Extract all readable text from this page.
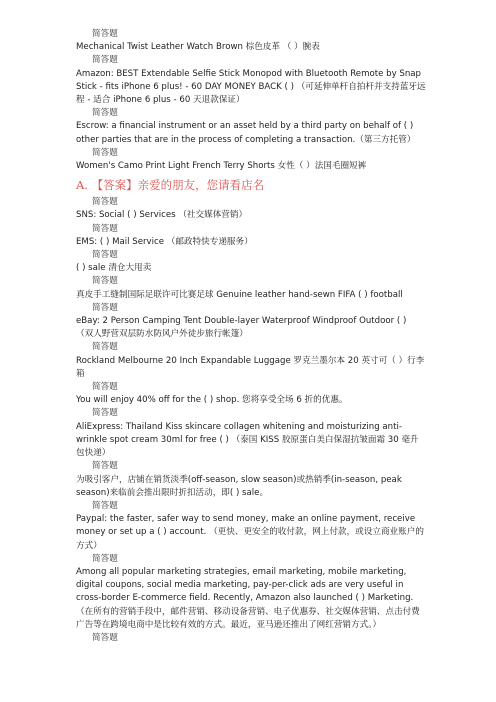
简答题
Mechanical Twist Leather Watch Brown 棕色皮革 （ ）腕表
简答题
Amazon: BEST Extendable Selfie Stick Monopod with Bluetooth Remote by Snap Stick - fits iPhone 6 plus! - 60 DAY MONEY BACK ( ) （可延伸单杆自拍杆并支持蓝牙远程 - 适合 iPhone 6 plus - 60 天退款保证）
简答题
Escrow: a financial instrument or an asset held by a third party on behalf of ( ) other parties that are in the process of completing a transaction.（第三方托管）
简答题
Women's Camo Print Light French Terry Shorts 女性（ ）法国毛圈短裤
A. 【答案】亲爱的朋友，您请看店名
简答题
SNS: Social ( ) Services （社交媒体营销）
简答题
EMS: ( ) Mail Service （邮政特快专递服务）
简答题
( ) sale 清仓大甩卖
简答题
真皮手工缝制国际足联许可比赛足球 Genuine leather hand-sewn FIFA ( ) football
简答题
eBay: 2 Person Camping Tent Double-layer Waterproof Windproof Outdoor ( ) （双人野营双层防水防风户外徒步旅行帐篷）
简答题
Rockland Melbourne 20 Inch Expandable Luggage 罗克兰墨尔本 20 英寸可（ ）行李箱
简答题
You will enjoy 40% off for the ( ) shop. 您将享受全场 6 折的优惠。
简答题
AliExpress: Thailand Kiss skincare collagen whitening and moisturizing anti-wrinkle spot cream 30ml for free ( ) （泰国 KISS 胶原蛋白美白保湿抗皱面霜 30 毫升包快递）
简答题
为吸引客户，店铺在销货淡季(off-season, slow season)或热销季(in-season, peak season)来临前会推出限时折扣活动，即( ) sale。
简答题
Paypal: the faster, safer way to send money, make an online payment, receive money or set up a ( ) account. （更快、更安全的收付款，网上付款，或设立商业账户的方式）
简答题
Among all popular marketing strategies, email marketing, mobile marketing, digital coupons, social media marketing, pay-per-click ads are very useful in cross-border E-commerce field. Recently, Amazon also launched ( ) Marketing. （在所有的营销手段中，邮件营销、移动设备营销、电子优惠券、社交媒体营销、点击付费广告等在跨境电商中是比较有效的方式。最近，亚马逊还推出了网红营销方式。）
简答题
